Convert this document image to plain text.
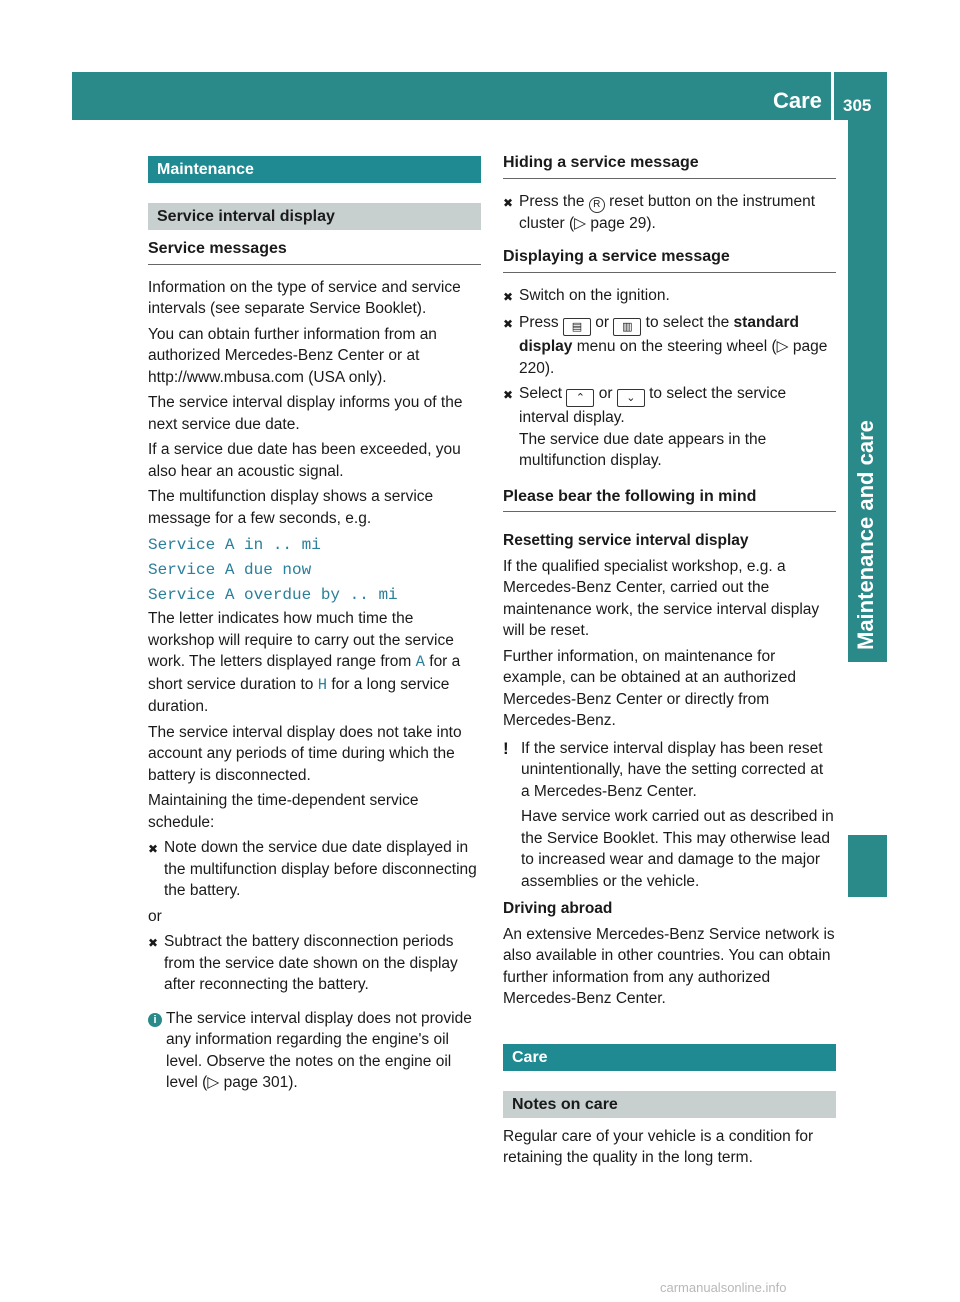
Care 305
Maintenance and care
Maintenance
Service interval display
Service messages

Information on the type of service and service intervals (see separate Service Booklet).

You can obtain further information from an authorized Mercedes-Benz Center or at http://www.mbusa.com (USA only).

The service interval display informs you of the next service due date.

If a service due date has been exceeded, you also hear an acoustic signal.

The multifunction display shows a service message for a few seconds, e.g.

Service A in .. mi
Service A due now
Service A overdue by .. mi

The letter indicates how much time the workshop will require to carry out the service work. The letters displayed range from A for a short service duration to H for a long service duration.

The service interval display does not take into account any periods of time during which the battery is disconnected.

Maintaining the time-dependent service schedule:

✖ Note down the service due date displayed in the multifunction display before disconnecting the battery.

or

✖ Subtract the battery disconnection periods from the service date shown on the display after reconnecting the battery.
i The service interval display does not provide any information regarding the engine's oil level. Observe the notes on the engine oil level (▷ page 301).
Hiding a service message
✖ Press the R reset button on the instrument cluster (▷ page 29).
Displaying a service message
✖ Switch on the ignition.
✖ Press ▤ or ▥ to select the standard display menu on the steering wheel (▷ page 220).
✖ Select ⌃ or ⌄ to select the service interval display.
The service due date appears in the multifunction display.
Please bear the following in mind
Resetting service interval display

If the qualified specialist workshop, e.g. a Mercedes-Benz Center, carried out the maintenance work, the service interval display will be reset.

Further information, on maintenance for example, can be obtained at an authorized Mercedes-Benz Center or directly from Mercedes-Benz.

! If the service interval display has been reset unintentionally, have the setting corrected at a Mercedes-Benz Center.

Have service work carried out as described in the Service Booklet. This may otherwise lead to increased wear and damage to the major assemblies or the vehicle.
Driving abroad

An extensive Mercedes-Benz Service network is also available in other countries. You can obtain further information from any authorized Mercedes-Benz Center.

Care
Notes on care

Regular care of your vehicle is a condition for retaining the quality in the long term.

carmanualsonline.info
